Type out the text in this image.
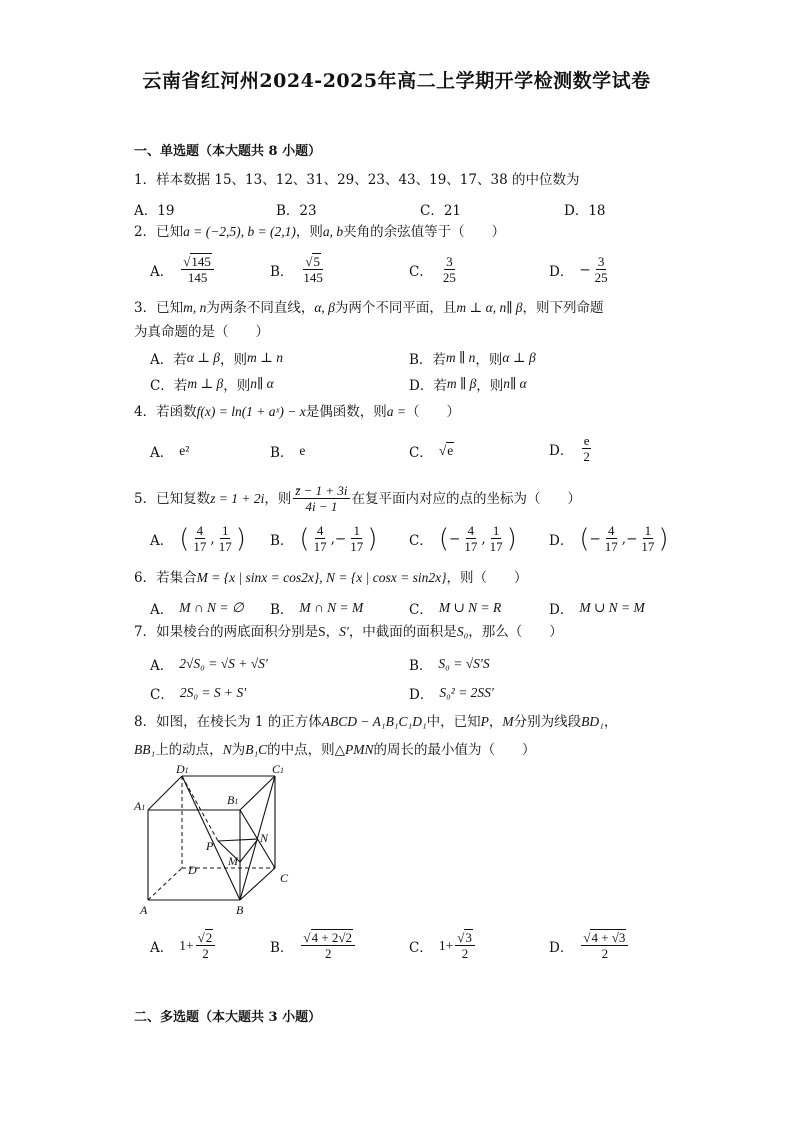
云南省红河州2024-2025年高二上学期开学检测数学试卷
一、单选题（本大题共 8 小题）
1．样本数据 15、13、12、31、29、23、43、19、17、38 的中位数为
A．19	B．23	C．21	D．18
2．已知a = (−2,5), b = (2,1)，则a, b夹角的余弦值等于（　　）
A． $\frac{√145}{145}$	B． $\frac{√5}{145}$	C． $\frac{3}{25}$	D． − $\frac{3}{25}$
3．已知m, n为两条不同直线，α, β为两个不同平面，且m ⊥ α, n∥ β，则下列命题
为真命题的是（　　）
A．若 α ⊥ β ，则 m ⊥ n	B．若 m ∥ n ，则 α ⊥ β
C．若 m ⊥ β ，则 n∥ α	D．若 m ∥ β ，则 n∥ α
4．若函数f(x) = ln(1 + aˣ) − x是偶函数，则a =（　　）
A． e²	B． e	C． √e	D． $\frac{e}{2}$
5．已知复数 z = 1 + 2i ，则 $\frac{z̄ - 1 + 3i}{4i - 1}$ 在复平面内对应的点的坐标为（　　）
A． ( $\frac{4}{17}$ , $\frac{1}{17}$ ) B． ( $\frac{4}{17}$ , − $\frac{1}{17}$ ) C． ( − $\frac{4}{17}$ , $\frac{1}{17}$ ) D． ( − $\frac{4}{17}$ , − $\frac{1}{17}$ )
6．若集合M = {x | sinx = cos2x}, N = {x | cosx = sin2x}，则（　　）
A． M ∩ N = ∅ B． M ∩ N = M	C． M ∪ N = R	D． M ∪ N = M
7．如果棱台的两底面积分别是S，S′，中截面的面积是S₀，那么（　　）
A． 2√S₀ = √S + √S′	B． S₀ = √S′S
C． 2S₀ = S + S′	D． S₀² = 2SS′
8．如图，在棱长为 1 的正方体ABCD − A₁B₁C₁D₁中，已知P，M分别为线段BD₁，
BB₁上的动点，N为B₁C的中点，则△PMN的周长的最小值为（　　）
D1	C1
A1
B1
N
P
M
D
C
A	B
A． $1+ \frac{√2}{2}$	B． $\frac{√4 + 2√2}{2}$	C． $1+ \frac{√3}{2}$	D． $\frac{√4 + √3}{2}$
二、多选题（本大题共 3 小题）
